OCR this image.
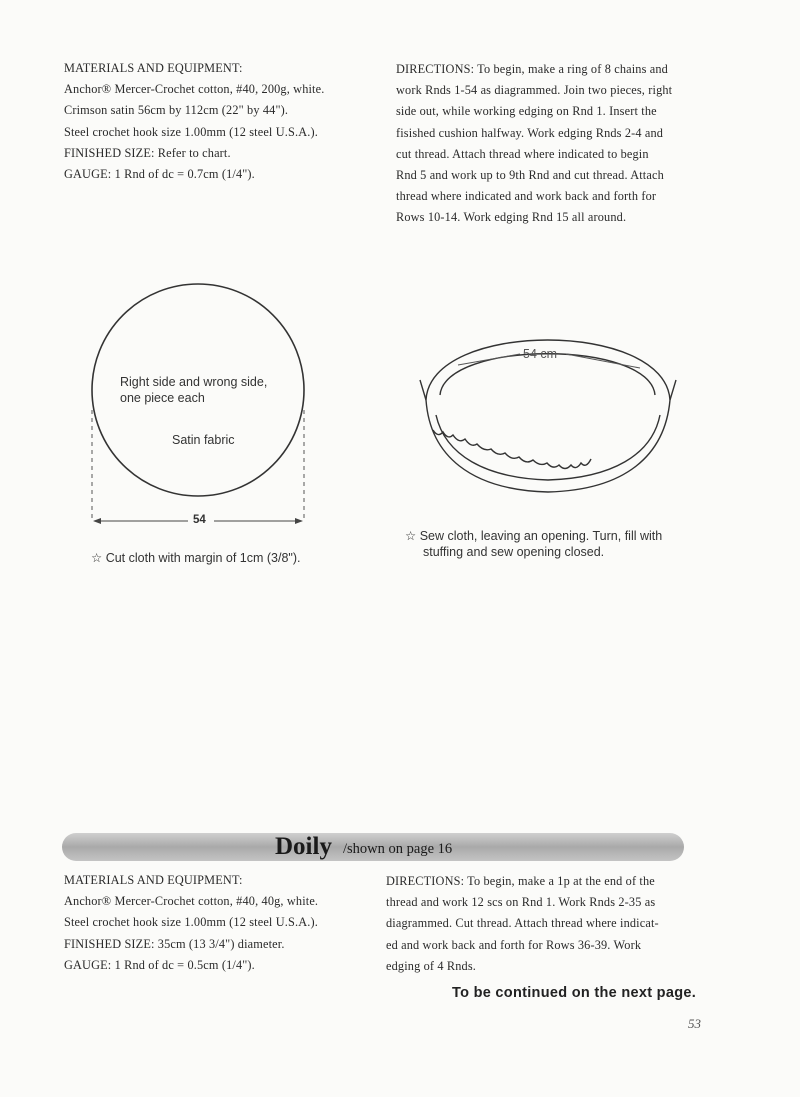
MATERIALS AND EQUIPMENT:
Anchor® Mercer-Crochet cotton, #40, 200g, white.
Crimson satin 56cm by 112cm (22" by 44").
Steel crochet hook size 1.00mm (12 steel U.S.A.).
FINISHED SIZE: Refer to chart.
GAUGE: 1 Rnd of dc = 0.7cm (1/4").
DIRECTIONS: To begin, make a ring of 8 chains and
work Rnds 1-54 as diagrammed. Join two pieces, right
side out, while working edging on Rnd 1. Insert the
fisished cushion halfway. Work edging Rnds 2-4 and
cut thread. Attach thread where indicated to begin
Rnd 5 and work up to 9th Rnd and cut thread. Attach
thread where indicated and work back and forth for
Rows 10-14. Work edging Rnd 15 all around.
Right side and wrong side,
one piece each
Satin fabric
54
☆ Cut cloth with margin of 1cm (3/8").
54 cm
☆ Sew cloth, leaving an opening. Turn, fill with
stuffing and sew opening closed.
Doily /shown on page 16
MATERIALS AND EQUIPMENT:
Anchor® Mercer-Crochet cotton, #40, 40g, white.
Steel crochet hook size 1.00mm (12 steel U.S.A.).
FINISHED SIZE: 35cm (13 3/4") diameter.
GAUGE: 1 Rnd of dc = 0.5cm (1/4").
DIRECTIONS: To begin, make a 1p at the end of the
thread and work 12 scs on Rnd 1. Work Rnds 2-35 as
diagrammed. Cut thread. Attach thread where indicat-
ed and work back and forth for Rows 36-39. Work
edging of 4 Rnds.
To be continued on the next page.
53
